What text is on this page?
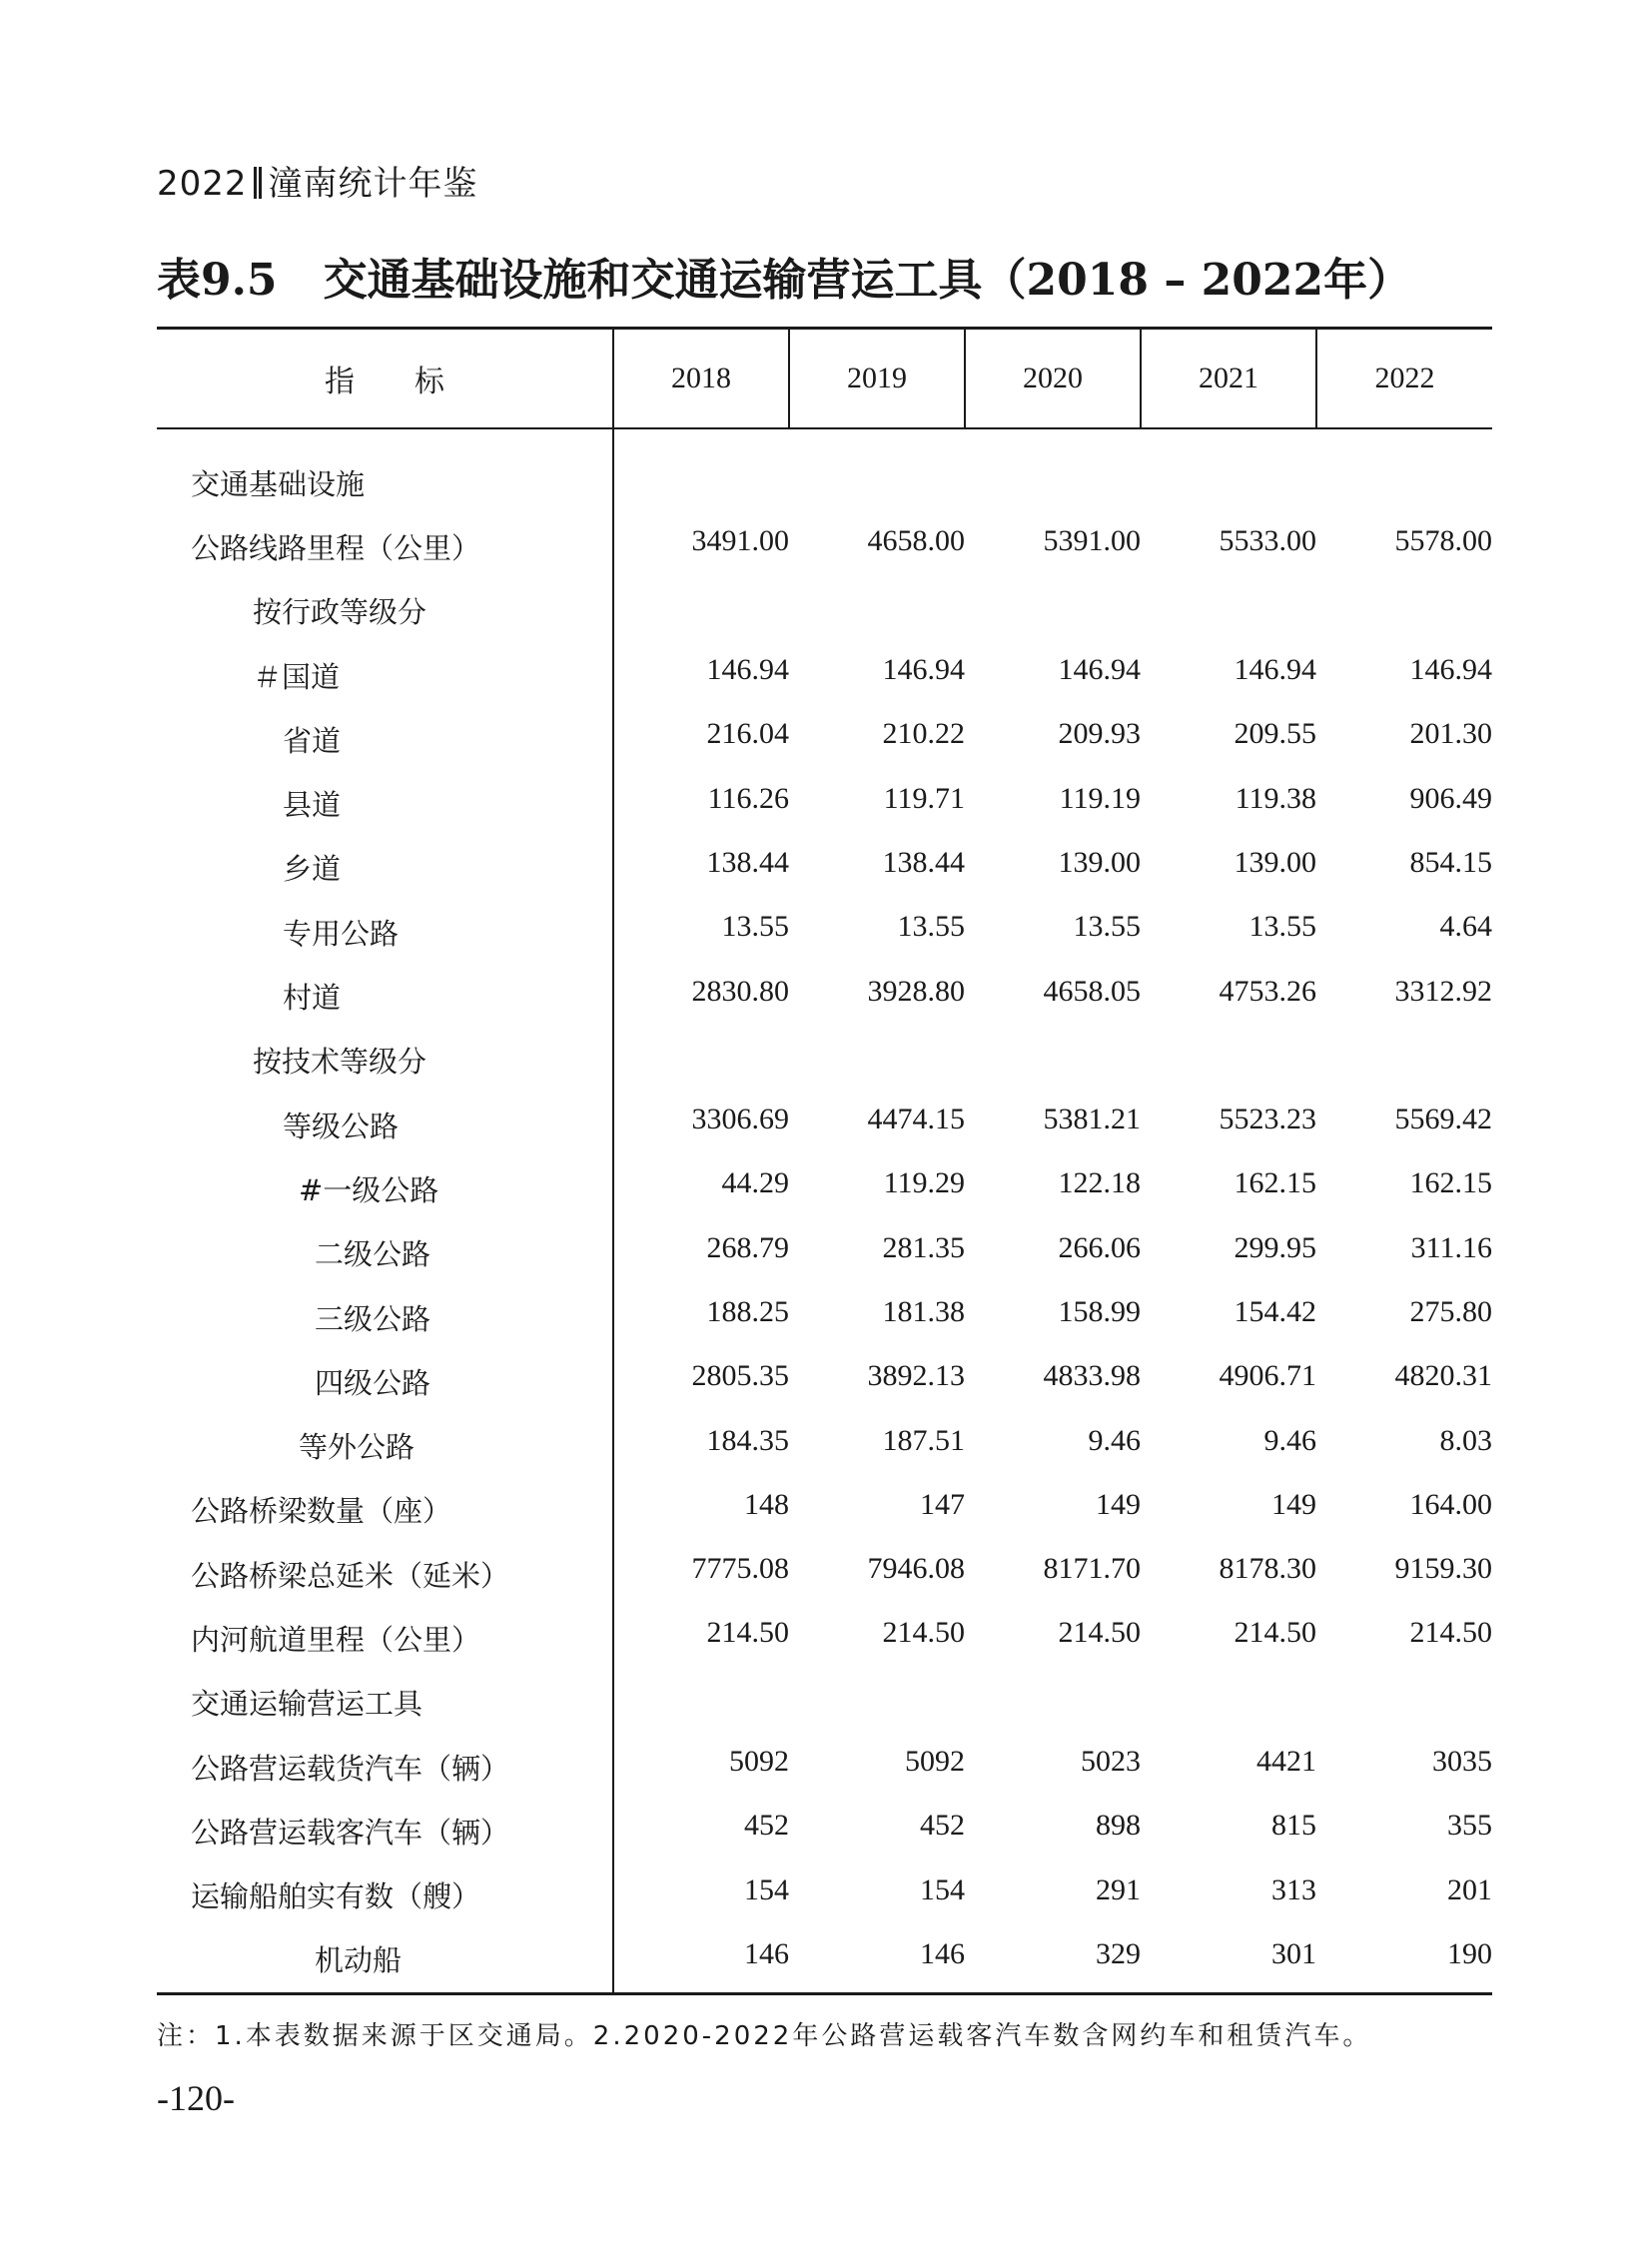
2022 潼南统计年鉴
表9.5 交通基础设施和交通运输营运工具（2018 – 2022年）
指　　标	2018	2019	2020	2021	2022
交通基础设施					
公路线路里程（公里）	3491.00	4658.00	5391.00	5533.00	5578.00
按行政等级分					
＃国道	146.94	146.94	146.94	146.94	146.94
省道	216.04	210.22	209.93	209.55	201.30
县道	116.26	119.71	119.19	119.38	906.49
乡道	138.44	138.44	139.00	139.00	854.15
专用公路	13.55	13.55	13.55	13.55	4.64
村道	2830.80	3928.80	4658.05	4753.26	3312.92
按技术等级分					
等级公路	3306.69	4474.15	5381.21	5523.23	5569.42
#一级公路	44.29	119.29	122.18	162.15	162.15
二级公路	268.79	281.35	266.06	299.95	311.16
三级公路	188.25	181.38	158.99	154.42	275.80
四级公路	2805.35	3892.13	4833.98	4906.71	4820.31
等外公路	184.35	187.51	9.46	9.46	8.03
公路桥梁数量（座）	148	147	149	149	164.00
公路桥梁总延米（延米）	7775.08	7946.08	8171.70	8178.30	9159.30
内河航道里程（公里）	214.50	214.50	214.50	214.50	214.50
交通运输营运工具					
公路营运载货汽车（辆）	5092	5092	5023	4421	3035
公路营运载客汽车（辆）	452	452	898	815	355
运输船舶实有数（艘）	154	154	291	313	201
机动船	146	146	329	301	190
注：1.本表数据来源于区交通局。2.2020-2022年公路营运载客汽车数含网约车和租赁汽车。
-120-
